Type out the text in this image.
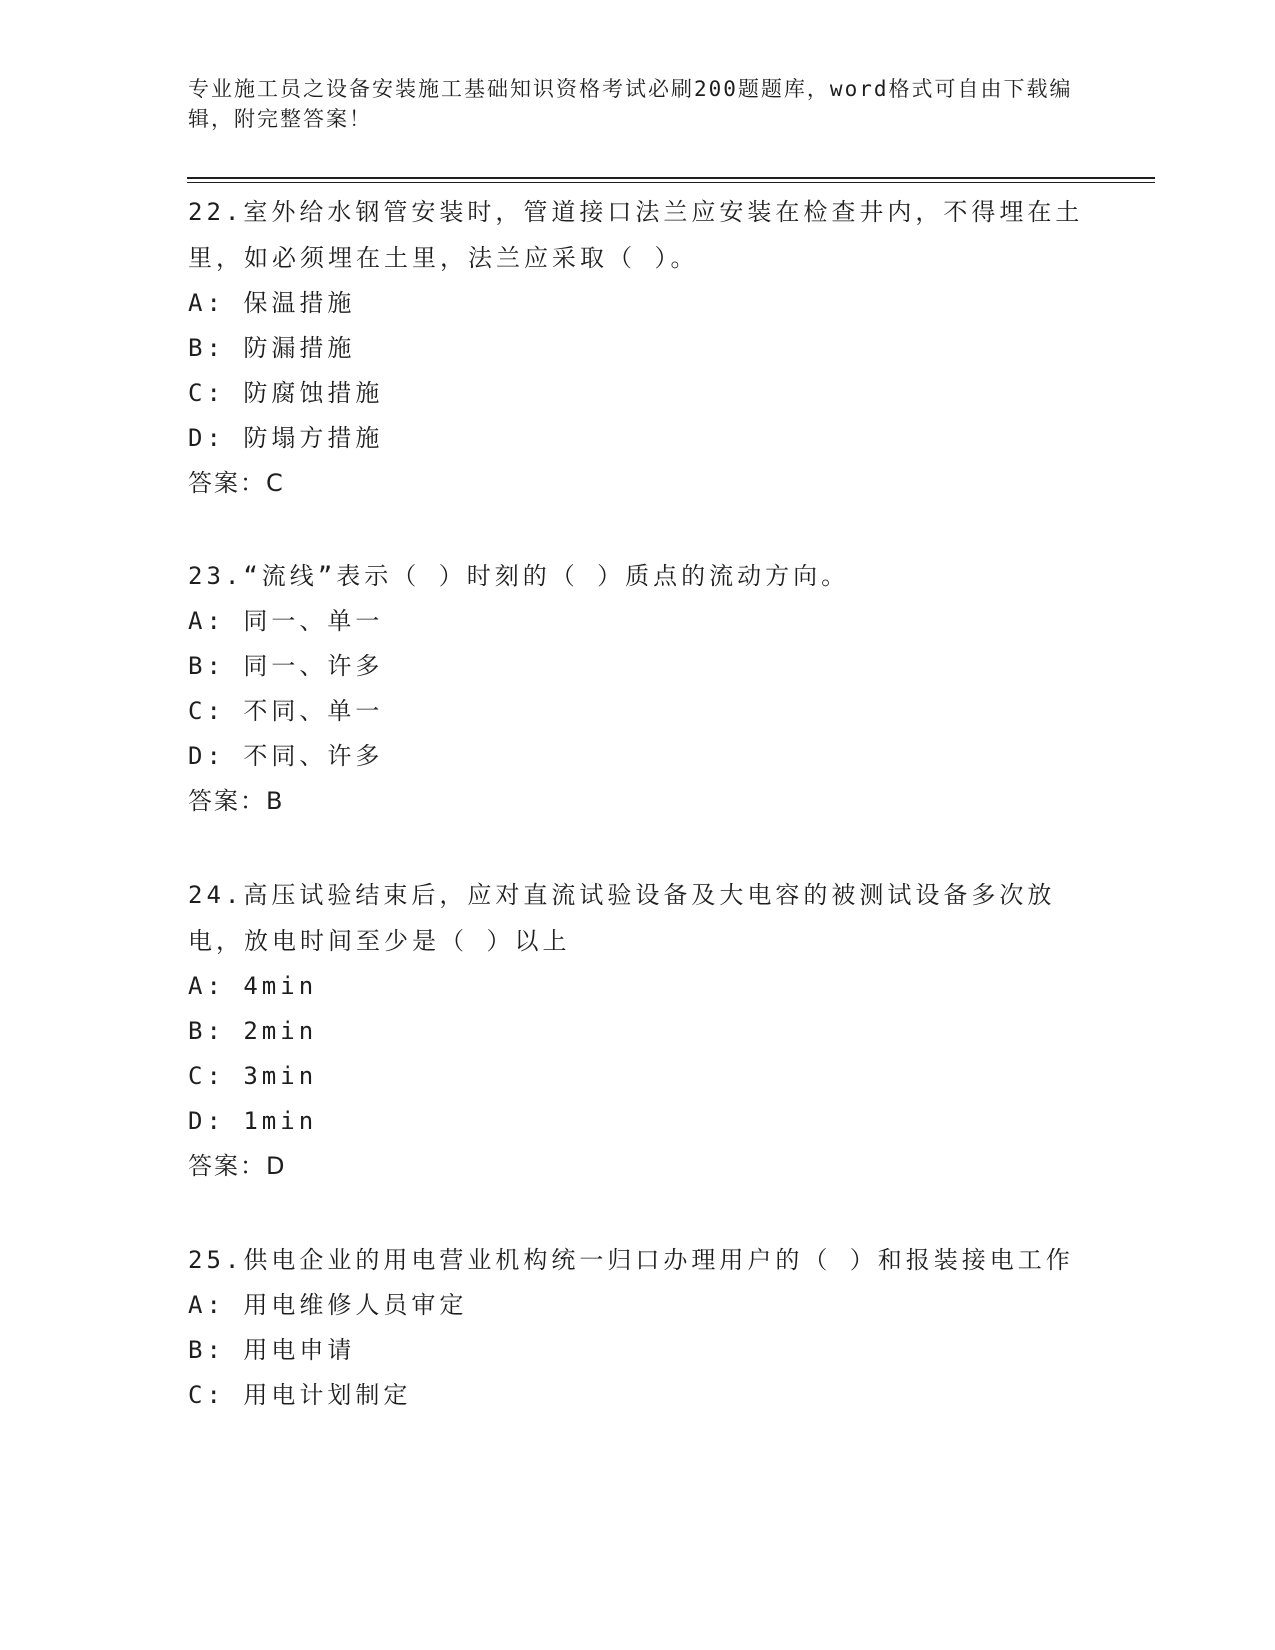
专业施工员之设备安装施工基础知识资格考试必刷200题题库，word格式可自由下载编辑，附完整答案！

22.室外给水钢管安装时，管道接口法兰应安装在检查井内，不得埋在土里，如必须埋在土里，法兰应采取（ ）。

A: 保温措施

B: 防漏措施

C: 防腐蚀措施

D: 防塌方措施

答案：C

23.“流线”表示（ ）时刻的（ ）质点的流动方向。

A: 同一、单一

B: 同一、许多

C: 不同、单一

D: 不同、许多

答案：B

24.高压试验结束后，应对直流试验设备及大电容的被测试设备多次放电，放电时间至少是（ ）以上

A: 4min

B: 2min

C: 3min

D: 1min

答案：D

25.供电企业的用电营业机构统一归口办理用户的（ ）和报装接电工作

A: 用电维修人员审定

B: 用电申请

C: 用电计划制定
